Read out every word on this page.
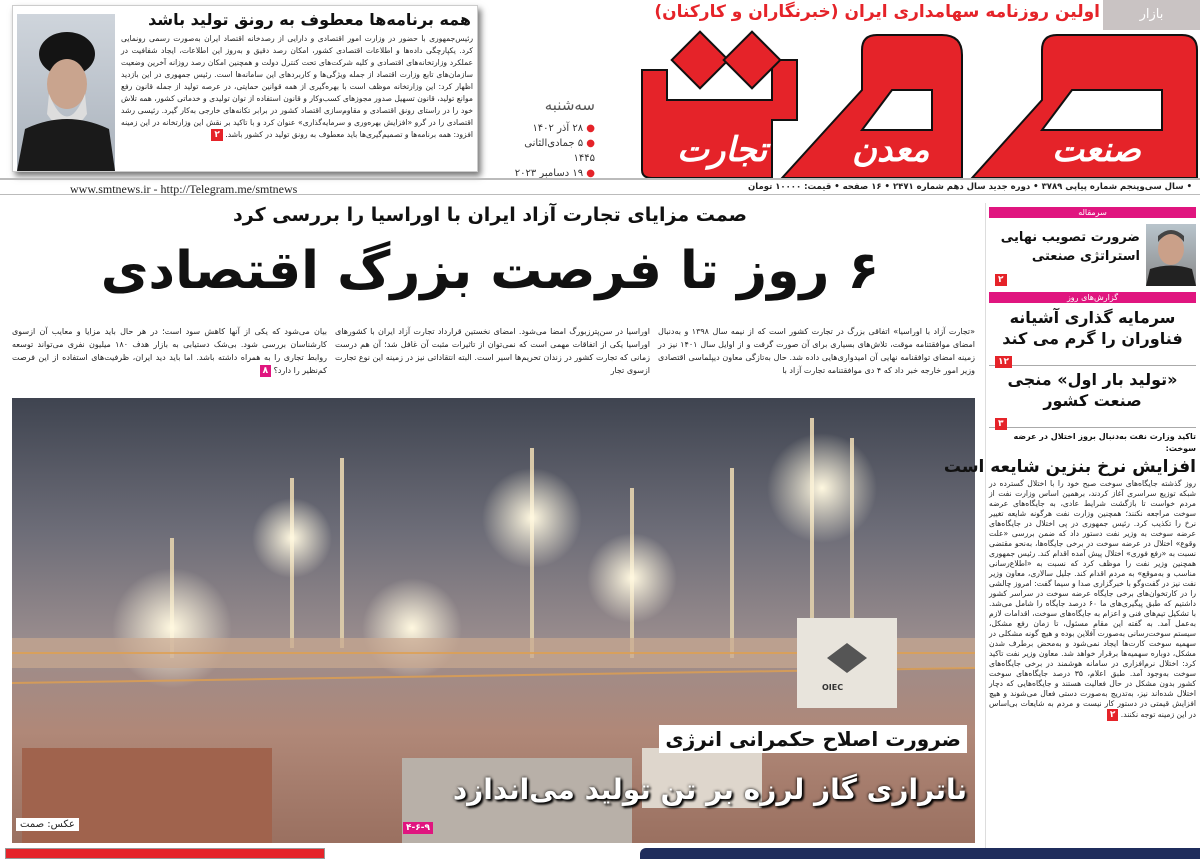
همه برنامه‌ها معطوف به رونق تولید باشد
رئیس‌جمهوری با حضور در وزارت امور اقتصادی و دارایی از رصدخانه اقتصاد ایران به‌صورت رسمی رونمایی کرد. یکپارچگی داده‌ها و اطلاعات اقتصادی کشور، امکان رصد دقیق و به‌روز این اطلاعات، ایجاد شفافیت در عملکرد وزارتخانه‌های اقتصادی و کلیه شرکت‌های تحت کنترل دولت و همچنین امکان رصد روزانه آخرین وضعیت سازمان‌های تابع وزارت اقتصاد از جمله ویژگی‌ها و کاربردهای این سامانه‌ها است. رئیس جمهوری در این بازدید اظهار کرد: این وزارتخانه موظف است با بهره‌گیری از همه قوانین حمایتی، در عرصه تولید از جمله قانون رفع موانع تولید، قانون تسهیل صدور مجوزهای کسب‌وکار و قانون استفاده از توان تولیدی و خدماتی کشور، همه تلاش خود را در راستای رونق اقتصادی و مقاوم‌سازی اقتصاد کشور در برابر تکانه‌های خارجی به‌کار گیرد. رئیسی رشد اقتصادی را در گرو «افزایش بهره‌وری و سرمایه‌گذاری» عنوان کرد و با تاکید بر نقش این وزارتخانه در این زمینه افزود: همه برنامه‌ها و تصمیم‌گیری‌ها باید معطوف به رونق تولید در کشور باشد. ۲
سه‌شنبه
● ۲۸ آذر ۱۴۰۲
● ۵ جمادی‌الثانی ۱۴۴۵
● ۱۹ دسامبر ۲۰۲۳
اولین روزنامه سهامداری ایران (خبرنگاران و کارکنان)	بازار
تجارت معدن	صنعت
www.smtnews.ir - http://Telegram.me/smtnews	• سال سی‌وپنجم شماره پیاپی ۳۷۸۹ • دوره جدید سال دهم شماره ۲۴۷۱ • ۱۶ صفحه • قیمت: ۱۰۰۰۰ تومان
صمت مزایای تجارت آزاد ایران با اوراسیا را بررسی کرد
۶ روز تا فرصت بزرگ اقتصادی
«تجارت آزاد با اوراسیا» اتفاقی بزرگ در تجارت کشور است که از نیمه سال ۱۳۹۸ و به‌دنبال امضای موافقتنامه موقت، تلاش‌های بسیاری برای آن صورت گرفت و از اوایل سال ۱۴۰۱ نیز در زمینه امضای توافقنامه نهایی آن امیدواری‌هایی داده شد. حال به‌تازگی معاون دیپلماسی اقتصادی وزیر امور خارجه خبر داد که ۴ دی موافقتنامه تجارت آزاد با
اوراسیا در سن‌پترزبورگ امضا می‌شود. امضای نخستین قرارداد تجارت آزاد ایران با کشورهای اوراسیا یکی از اتفاقات مهمی است که نمی‌توان از تاثیرات مثبت آن غافل شد؛ آن هم درست زمانی که تجارت کشور در زندان تحریم‌ها اسیر است. البته انتقاداتی نیز در زمینه این نوع تجارت ازسوی تجار
بیان می‌شود که یکی از آنها کاهش سود است؛ در هر حال باید مزایا و معایب آن ازسوی کارشناسان بررسی شود. بی‌شک دستیابی به بازار هدف ۱۸۰ میلیون نفری می‌تواند توسعه روابط تجاری را به همراه داشته باشد. اما باید دید ایران، ظرفیت‌های استفاده از این فرصت کم‌نظیر را دارد؟ ۸
OIEC
ضرورت اصلاح حکمرانی انرژی
ناترازی گاز لرزه بر تن تولید می‌اندازد
۴-۶-۹
عکس: صمت
سرمقاله
ضرورت تصویب نهایی استراتژی صنعتی
۲
گزارش‌های روز
سرمایه گذاری آشیانه فناوران را گرم می کند
۱۲
«تولید بار اول» منجی صنعت کشور
۳
تاکید وزارت نفت به‌دنبال بروز اختلال در عرضه سوخت:
افزایش نرخ بنزین شایعه است
روز گذشته جایگاه‌های سوخت صبح خود را با اختلال گسترده در شبکه توزیع سراسری آغاز کردند، برهمین اساس وزارت نفت از مردم خواست تا بازگشت شرایط عادی، به جایگاه‌های عرضه سوخت مراجعه نکنند؛ همچنین وزارت نفت هرگونه شایعه تغییر نرخ را تکذیب کرد. رئیس جمهوری در پی اختلال در جایگاه‌های عرضه سوخت به وزیر نفت دستور داد که ضمن بررسی «علت وقوع» اختلال در عرضه سوخت در برخی جایگاه‌ها، به‌نحو مقتضی نسبت به «رفع فوری» اختلال پیش آمده اقدام کند. رئیس جمهوری همچنین وزیر نفت را موظف کرد که نسبت به «اطلاع‌رسانی مناسب و به‌موقع» به مردم اقدام کند. جلیل سالاری، معاون وزیر نفت نیز در گفت‌وگو با خبرگزاری صدا و سیما گفت: امروز چالشی را در کارتخوان‌های برخی جایگاه عرضه سوخت در سراسر کشور داشتیم که طبق پیگیری‌های ما ۶۰ درصد جایگاه را شامل می‌شد. با تشکیل تیم‌های فنی و اعزام به جایگاه‌های سوخت، اقدامات لازم به‌عمل آمد. به گفته این مقام مسئول، تا زمان رفع مشکل، سیستم سوخت‌رسانی به‌صورت آفلاین بوده و هیچ گونه مشکلی در سهمیه سوخت کارت‌ها ایجاد نمی‌شود و به‌محض برطرف شدن مشکل، دوباره سهمیه‌ها برقرار خواهد شد. معاون وزیر نفت تاکید کرد: اختلال نرم‌افزاری در سامانه هوشمند در برخی جایگاه‌های سوخت به‌وجود آمد. طبق اعلام، ۳۵ درصد جایگاه‌های سوخت کشور بدون مشکل در حال فعالیت هستند و جایگاه‌هایی که دچار اختلال شده‌اند نیز، به‌تدریج به‌صورت دستی فعال می‌شوند و هیچ افزایش قیمتی در دستور کار نیست و مردم به شایعات بی‌اساس در این زمینه توجه نکنند. ۲
